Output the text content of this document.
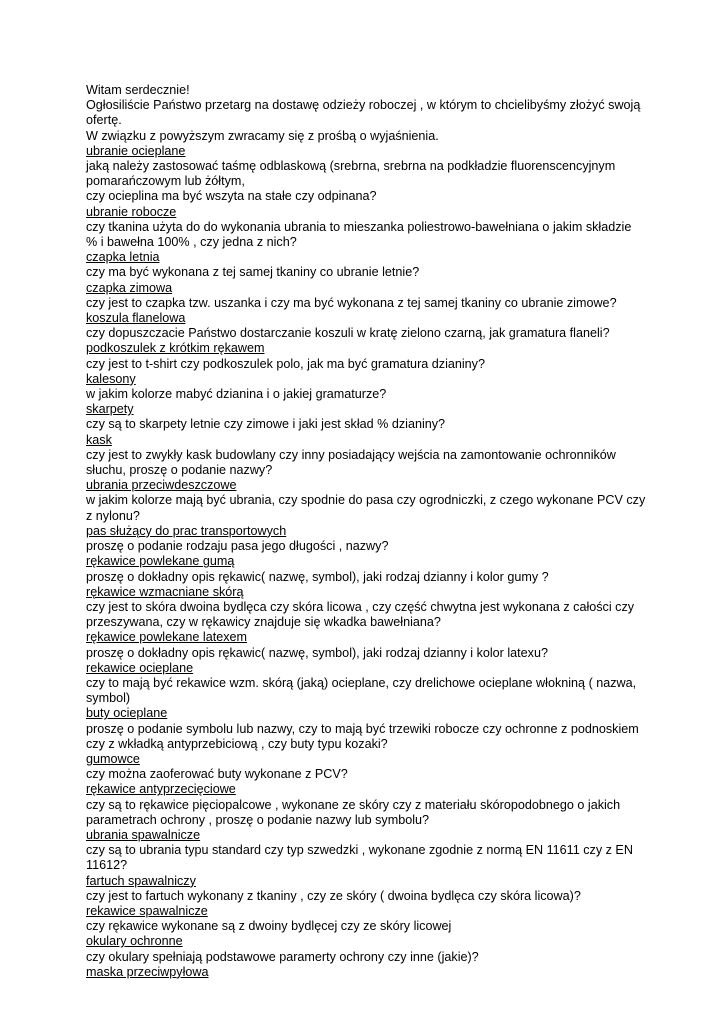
Witam serdecznie!
Ogłosiliście Państwo przetarg na dostawę odzieży roboczej , w którym to chcielibyśmy złożyć swoją ofertę.
W związku z powyższym zwracamy się z prośbą o wyjaśnienia.
ubranie ocieplane
jaką należy zastosować taśmę odblaskową (srebrna, srebrna na podkładzie fluorenscencyjnym pomarańczowym lub żółtym,
czy ocieplina ma być wszyta na stałe czy odpinana?
ubranie robocze
czy tkanina użyta do do wykonania ubrania to mieszanka poliestrowo-bawełniana o jakim składzie % i bawełna 100% , czy jedna z nich?
czapka letnia
czy ma być wykonana z tej samej tkaniny co ubranie letnie?
czapka zimowa
czy jest to czapka tzw. uszanka i czy ma być wykonana z tej samej tkaniny co ubranie zimowe?
koszula flanelowa
czy dopuszczacie Państwo dostarczanie koszuli w kratę zielono czarną, jak gramatura flaneli?
podkoszulek z krótkim rękawem
czy jest to t-shirt czy podkoszulek polo, jak ma być gramatura dzianiny?
kalesony
w jakim kolorze mabyć dzianina i o jakiej gramaturze?
skarpety
czy są to skarpety letnie czy zimowe i jaki jest skład % dzianiny?
kask
czy jest to zwykły kask budowlany czy inny posiadający wejścia na zamontowanie ochronników słuchu, proszę o podanie nazwy?
ubrania przeciwdeszczowe
w jakim kolorze mają być ubrania, czy spodnie do pasa czy ogrodniczki, z czego wykonane PCV czy z nylonu?
pas służący do prac transportowych
proszę o podanie rodzaju pasa jego długości , nazwy?
rękawice powlekane gumą
proszę o dokładny opis rękawic( nazwę, symbol), jaki rodzaj dzianny i kolor gumy ?
rękawice wzmacniane skórą
czy jest to skóra dwoina bydlęca czy skóra licowa , czy część chwytna jest wykonana z całości czy przeszywana, czy w rękawicy znajduje się wkadka bawełniana?
rękawice powlekane latexem
proszę o dokładny opis rękawic( nazwę, symbol), jaki rodzaj dzianny i kolor latexu?
rekawice ocieplane
czy to mają być rekawice wzm. skórą (jaką) ocieplane, czy drelichowe ocieplane włokniną ( nazwa, symbol)
buty ocieplane
proszę o podanie symbolu lub nazwy, czy to mają być trzewiki robocze czy ochronne z podnoskiem czy z wkładką antyprzebiciową , czy buty typu kozaki?
gumowce
czy można zaoferować buty wykonane z PCV?
rękawice antyprzecięciowe
czy są to rękawice pięciopalcowe , wykonane ze skóry czy z materiału skóropodobnego o jakich parametrach ochrony , proszę o podanie nazwy lub symbolu?
ubrania spawalnicze
czy są to ubrania typu standard czy typ szwedzki , wykonane zgodnie z normą EN 11611 czy z EN 11612?
fartuch spawalniczy
czy jest to fartuch wykonany z tkaniny , czy ze skóry ( dwoina bydlęca czy skóra licowa)?
rekawice spawalnicze
czy rękawice wykonane są z dwoiny bydlęcej czy ze skóry licowej
okulary ochronne
czy okulary spełniają podstawowe paramerty ochrony czy inne (jakie)?
maska przeciwpyłowa
